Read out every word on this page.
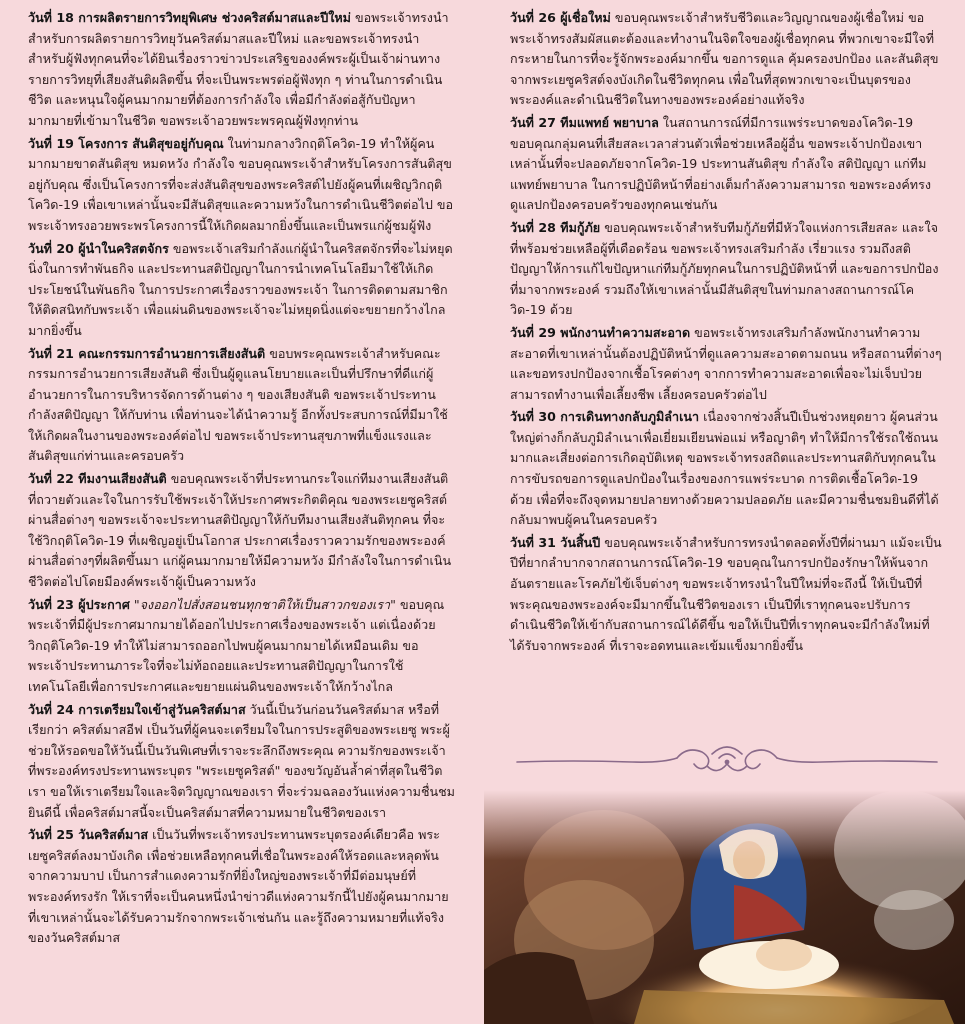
วันที่ 18 การผลิตรายการวิทยุพิเศษ ช่วงคริสต์มาสและปีใหม่ ขอพระเจ้าทรงนำสำหรับการผลิตรายการวิทยุวันคริสต์มาสและปีใหม่ และขอพระเจ้าทรงนำสำหรับผู้ฟังทุกคนที่จะได้ยินเรื่องราวข่าวประเสริฐของงค์พระผู้เป็นเจ้าผ่านทางรายการวิทยุที่เสียงสันติผลิตขึ้น ที่จะเป็นพระพรต่อผู้ฟังทุก ๆ ท่านในการดำเนินชีวิต และหนุนใจผู้คนมากมายที่ต้องการกำลังใจ เพื่อมีกำลังต่อสู้กับปัญหามากมายที่เข้ามาในชีวิต ขอพระเจ้าอวยพระพรคุณผู้ฟังทุกท่าน

วันที่ 19 โครงการ สันติสุขอยู่กับคุณ ในท่ามกลางวิกฤติโควิด-19 ทำให้ผู้คนมากมายขาดสันติสุข หมดหวัง กำลังใจ ขอบคุณพระเจ้าสำหรับโครงการสันติสุขอยู่กับคุณ ซึ่งเป็นโครงการที่จะส่งสันติสุขของพระคริสต์ไปยังผู้คนที่เผชิญวิกฤติโควิด-19 เพื่อเขาเหล่านั้นจะมีสันติสุขและความหวังในการดำเนินชีวิตต่อไป ขอพระเจ้าทรงอวยพระพรโครงการนี้ให้เกิดผลมากยิ่งขึ้นและเป็นพรแก่ผู้ชมผู้ฟัง

วันที่ 20 ผู้นำในคริสตจักร ขอพระเจ้าเสริมกำลังแก่ผู้นำในคริสตจักรที่จะไม่หยุดนิ่งในการทำพันธกิจ และประทานสติปัญญาในการนำเทคโนโลยีมาใช้ให้เกิดประโยชน์ในพันธกิจ ในการประกาศเรื่องราวของพระเจ้า ในการติดตามสมาชิกให้ติดสนิทกับพระเจ้า เพื่อแผ่นดินของพระเจ้าจะไม่หยุดนิ่งแต่จะขยายกว้างไกลมากยิ่งขึ้น

วันที่ 21 คณะกรรมการอำนวยการเสียงสันติ ขอบพระคุณพระเจ้าสำหรับคณะกรรมการอำนวยการเสียงสันติ ซึ่งเป็นผู้ดูแลนโยบายและเป็นที่ปรึกษาที่ดีแก่ผู้อำนวยการในการบริหารจัดการด้านต่าง ๆ ของเสียงสันติ ขอพระเจ้าประทานกำลังสติปัญญา ให้กับท่าน เพื่อท่านจะได้นำความรู้ อีกทั้งประสบการณ์ที่มีมาใช้ให้เกิดผลในงานของพระองค์ต่อไป ขอพระเจ้าประทานสุขภาพที่แข็งแรงและสันติสุขแก่ท่านและครอบครัว

วันที่ 22 ทีมงานเสียงสันติ ขอบคุณพระเจ้าที่ประทานกระใจแก่ทีมงานเสียงสันติที่ถวายตัวและใจในการรับใช้พระเจ้าให้ประกาศพระกิตติคุณ ของพระเยซูคริสต์ผ่านสื่อต่างๆ ขอพระเจ้าจะประทานสติปัญญาให้กับทีมงานเสียงสันติทุกคน ที่จะใช้วิกฤติโควิด-19 ที่เผชิญอยู่เป็นโอกาส ประกาศเรื่องราวความรักของพระองค์ผ่านสื่อต่างๆที่ผลิตขึ้นมา แก่ผู้คนมากมายให้มีความหวัง มีกำลังใจในการดำเนินชีวิตต่อไปโดยมีองค์พระเจ้าผู้เป็นความหวัง

วันที่ 23 ผู้ประกาศ "จงออกไปสั่งสอนชนทุกชาติให้เป็นสาวกของเรา" ขอบคุณพระเจ้าที่มีผู้ประกาศมากมายได้ออกไปประกาศเรื่องของพระเจ้า แต่เนื่องด้วยวิกฤติโควิด-19 ทำให้ไม่สามารถออกไปพบผู้คนมากมายได้เหมือนเดิม ขอพระเจ้าประทานภาระใจที่จะไม่ท้อถอยและประทานสติปัญญาในการใช้เทคโนโลยีเพื่อการประกาศและขยายแผ่นดินของพระเจ้าให้กว้างไกล

วันที่ 24 การเตรียมใจเข้าสู่วันคริสต์มาส วันนี้เป็นวันก่อนวันคริสต์มาส หรือที่เรียกว่า คริสต์มาสอีฟ เป็นวันที่ผู้คนจะเตรียมใจในการประสูติของพระเยซู พระผู้ช่วยให้รอดขอให้วันนี้เป็นวันพิเศษที่เราจะระลึกถึงพระคุณ ความรักของพระเจ้า ที่พระองค์ทรงประทานพระบุตร "พระเยซูคริสต์" ของขวัญอันล้ำค่าที่สุดในชีวิตเรา ขอให้เราเตรียมใจและจิตวิญญาณของเรา ที่จะร่วมฉลองวันแห่งความชื่นชมยินดีนี้ เพื่อคริสต์มาสนี้จะเป็นคริสต์มาสที่ความหมายในชีวิตของเรา

วันที่ 25 วันคริสต์มาส เป็นวันที่พระเจ้าทรงประทานพระบุตรองค์เดียวคือ พระเยซูคริสต์ลงมาบังเกิด เพื่อช่วยเหลือทุกคนที่เชื่อในพระองค์ให้รอดและหลุดพ้นจากความบาป เป็นการสำแดงความรักที่ยิ่งใหญ่ของพระเจ้าที่มีต่อมนุษย์ที่พระองค์ทรงรัก ให้เราที่จะเป็นคนหนึ่งนำข่าวดีแห่งความรักนี้ไปยังผู้คนมากมาย ที่เขาเหล่านั้นจะได้รับความรักจากพระเจ้าเช่นกัน และรู้ถึงความหมายที่แท้จริงของวันคริสต์มาส

วันที่ 26 ผู้เชื่อใหม่ ขอบคุณพระเจ้าสำหรับชีวิตและวิญญาณของผู้เชื่อใหม่ ขอพระเจ้าทรงสัมผัสแตะต้องและทำงานในจิตใจของผู้เชื่อทุกคน ที่พวกเขาจะมีใจที่กระหายในการที่จะรู้จักพระองค์มากขึ้น ขอการดูแล คุ้มครองปกป้อง และสันติสุขจากพระเยซูคริสต์จงบังเกิดในชีวิตทุกคน เพื่อในที่สุดพวกเขาจะเป็นบุตรของพระองค์และดำเนินชีวิตในทางของพระองค์อย่างแท้จริง

วันที่ 27 ทีมแพทย์ พยาบาล ในสถานการณ์ที่มีการแพร่ระบาดของโควิด-19 ขอบคุณกลุ่มคนที่เสียสละเวลาส่วนตัวเพื่อช่วยเหลือผู้อื่น ขอพระเจ้าปกป้องเขาเหล่านั้นที่จะปลอดภัยจากโควิด-19 ประทานสันติสุข กำลังใจ สติปัญญา แก่ทีมแพทย์พยาบาล ในการปฏิบัติหน้าที่อย่างเต็มกำลังความสามารถ ขอพระองค์ทรงดูแลปกป้องครอบครัวของทุกคนเช่นกัน

วันที่ 28 ทีมกู้ภัย ขอบคุณพระเจ้าสำหรับทีมกู้ภัยที่มีหัวใจแห่งการเสียสละ และใจที่พร้อมช่วยเหลือผู้ที่เดือดร้อน ขอพระเจ้าทรงเสริมกำลัง เรี่ยวแรง รวมถึงสติปัญญาให้การแก้ไขปัญหาแก่ทีมกู้ภัยทุกคนในการปฏิบัติหน้าที่ และขอการปกป้องที่มาจากพระองค์ รวมถึงให้เขาเหล่านั้นมีสันติสุขในท่ามกลางสถานการณ์โควิด-19 ด้วย

วันที่ 29 พนักงานทำความสะอาด ขอพระเจ้าทรงเสริมกำลังพนักงานทำความสะอาดที่เขาเหล่านั้นต้องปฏิบัติหน้าที่ดูแลความสะอาดตามถนน หรือสถานที่ต่างๆ และขอทรงปกป้องจากเชื้อโรคต่างๆ จากการทำความสะอาดเพื่อจะไม่เจ็บป่วย สามารถทำงานเพื่อเลี้ยงชีพ เลี้ยงครอบครัวต่อไป

วันที่ 30 การเดินทางกลับภูมิลำเนา เนื่องจากช่วงสิ้นปีเป็นช่วงหยุดยาว ผู้คนส่วนใหญ่ต่างก็กลับภูมิลำเนาเพื่อเยี่ยมเยียนพ่อแม่ หรือญาติๆ ทำให้มีการใช้รถใช้ถนนมากและเสี่ยงต่อการเกิดอุบัติเหตุ ขอพระเจ้าทรงสถิตและประทานสติกับทุกคนในการขับรถขอการดูแลปกป้องในเรื่องของการแพร่ระบาด การติดเชื้อโควิด-19 ด้วย เพื่อที่จะถึงจุดหมายปลายทางด้วยความปลอดภัย และมีความชื่นชมยินดีที่ได้กลับมาพบผู้คนในครอบครัว

วันที่ 31 วันสิ้นปี ขอบคุณพระเจ้าสำหรับการทรงนำตลอดทั้งปีที่ผ่านมา แม้จะเป็นปีที่ยากลำบากจากสถานการณ์โควิด-19 ขอบคุณในการปกป้องรักษาให้พ้นจากอันตรายและโรคภัยไข้เจ็บต่างๆ ขอพระเจ้าทรงนำในปีใหม่ที่จะถึงนี้ ให้เป็นปีที่พระคุณของพระองค์จะมีมากขึ้นในชีวิตของเรา เป็นปีที่เราทุกคนจะปรับการดำเนินชีวิตให้เข้ากับสถานการณ์ได้ดีขึ้น ขอให้เป็นปีที่เราทุกคนจะมีกำลังใหม่ที่ได้รับจากพระองค์ ที่เราจะอดทนและเข้มแข็งมากยิ่งขึ้น
